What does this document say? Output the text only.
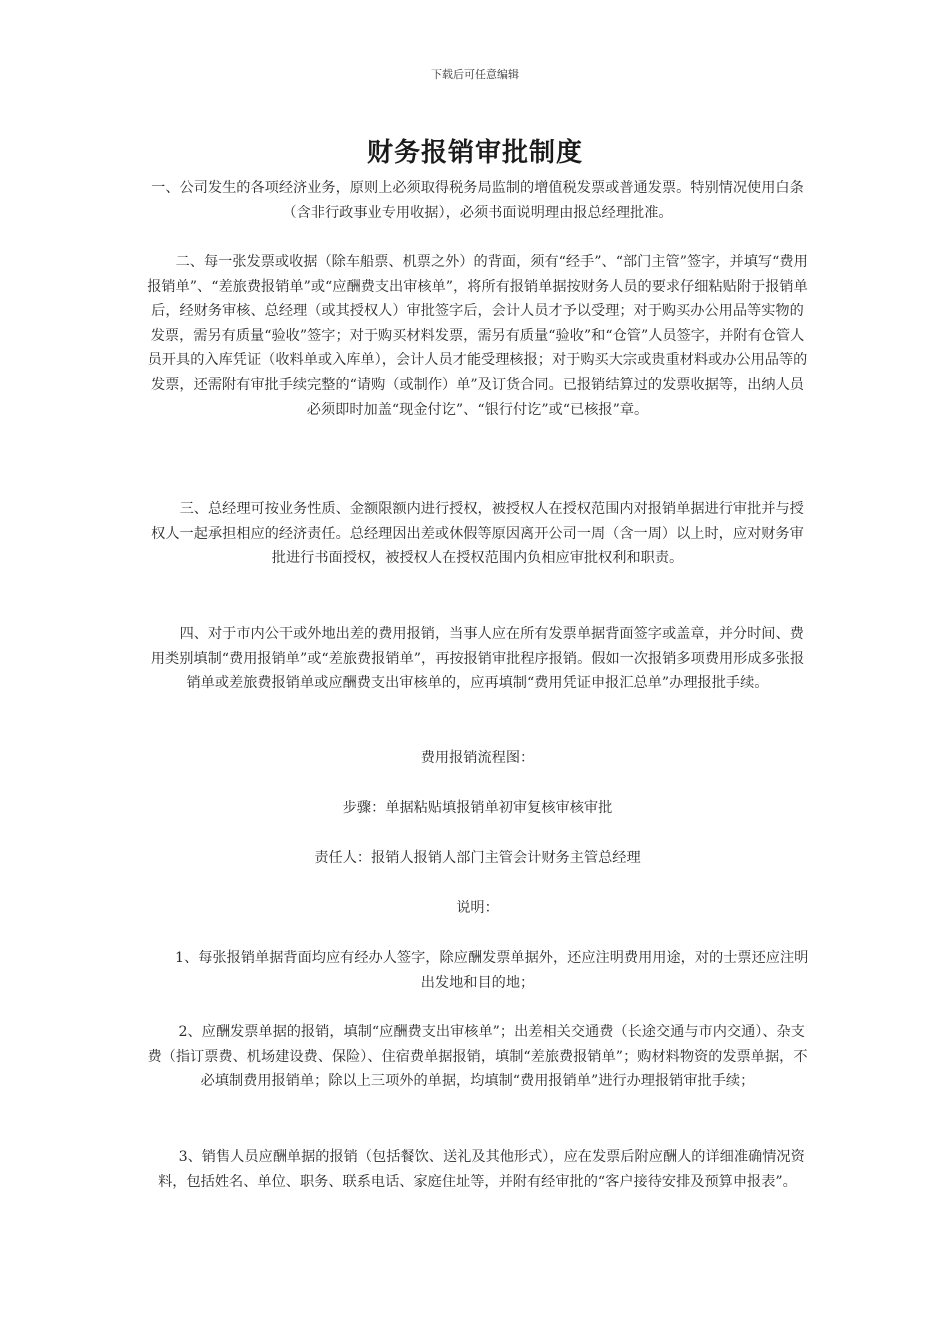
下载后可任意编辑
财务报销审批制度
一、公司发生的各项经济业务，原则上必须取得税务局监制的增值税发票或普通发票。特别情况使用白条（含非行政事业专用收据），必须书面说明理由报总经理批准。
二、每一张发票或收据（除车船票、机票之外）的背面，须有“经手”、“部门主管”签字，并填写“费用报销单”、“差旅费报销单”或“应酬费支出审核单”，将所有报销单据按财务人员的要求仔细粘贴附于报销单后，经财务审核、总经理（或其授权人）审批签字后，会计人员才予以受理；对于购买办公用品等实物的发票，需另有质量“验收”签字；对于购买材料发票，需另有质量“验收”和“仓管”人员签字，并附有仓管人员开具的入库凭证（收料单或入库单），会计人员才能受理核报；对于购买大宗或贵重材料或办公用品等的发票，还需附有审批手续完整的“请购（或制作）单”及订货合同。已报销结算过的发票收据等，出纳人员必须即时加盖“现金付讫”、“银行付讫”或“已核报”章。
三、总经理可按业务性质、金额限额内进行授权，被授权人在授权范围内对报销单据进行审批并与授权人一起承担相应的经济责任。总经理因出差或休假等原因离开公司一周（含一周）以上时，应对财务审批进行书面授权，被授权人在授权范围内负相应审批权利和职责。
四、对于市内公干或外地出差的费用报销，当事人应在所有发票单据背面签字或盖章，并分时间、费用类别填制“费用报销单”或“差旅费报销单”，再按报销审批程序报销。假如一次报销多项费用形成多张报销单或差旅费报销单或应酬费支出审核单的，应再填制“费用凭证申报汇总单”办理报批手续。
费用报销流程图：
步骤：单据粘贴填报销单初审复核审核审批
责任人：报销人报销人部门主管会计财务主管总经理
说明：
1、每张报销单据背面均应有经办人签字，除应酬发票单据外，还应注明费用用途，对的士票还应注明出发地和目的地；
2、应酬发票单据的报销，填制“应酬费支出审核单”；出差相关交通费（长途交通与市内交通）、杂支费（指订票费、机场建设费、保险）、住宿费单据报销，填制“差旅费报销单”；购材料物资的发票单据，不必填制费用报销单；除以上三项外的单据，均填制“费用报销单”进行办理报销审批手续；
3、销售人员应酬单据的报销（包括餐饮、送礼及其他形式），应在发票后附应酬人的详细准确情况资料，包括姓名、单位、职务、联系电话、家庭住址等，并附有经审批的“客户接待安排及预算申报表”。
